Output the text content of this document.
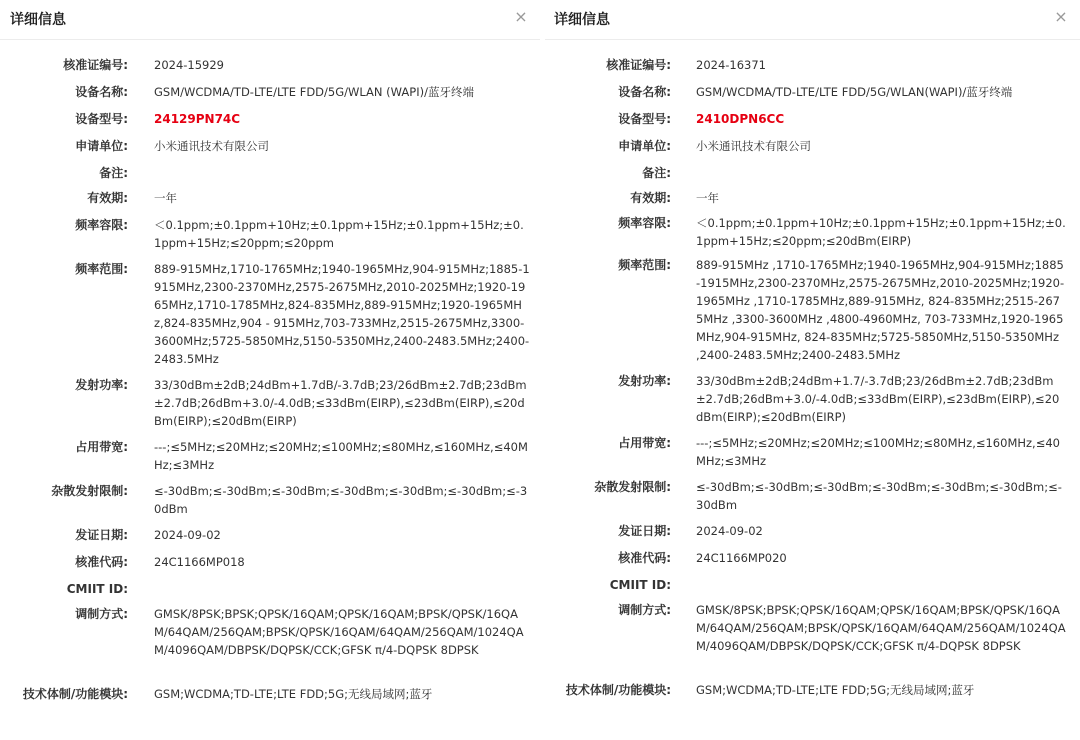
详细信息	×
核准证编号: 2024-15929
设备名称: GSM/WCDMA/TD-LTE/LTE FDD/5G/WLAN (WAPI)/蓝牙终端
设备型号: 24129PN74C
申请单位: 小米通讯技术有限公司
备注:
有效期: 一年
频率容限: ＜0.1ppm;±0.1ppm+10Hz;±0.1ppm+15Hz;±0.1ppm+15Hz;±0.1ppm+15Hz;≤20ppm;≤20ppm
频率范围: 889-915MHz,1710-1765MHz;1940-1965MHz,904-915MHz;1885-1915MHz,2300-2370MHz,2575-2675MHz,2010-2025MHz;1920-1965MHz,1710-1785MHz,824-835MHz,889-915MHz;1920-1965MHz,824-835MHz,904 - 915MHz,703-733MHz,2515-2675MHz,3300-3600MHz;5725-5850MHz,5150-5350MHz,2400-2483.5MHz;2400-2483.5MHz
发射功率: 33/30dBm±2dB;24dBm+1.7dB/-3.7dB;23/26dBm±2.7dB;23dBm±2.7dB;26dBm+3.0/-4.0dB;≤33dBm(EIRP),≤23dBm(EIRP),≤20dBm(EIRP);≤20dBm(EIRP)
占用带宽: ---;≤5MHz;≤20MHz;≤20MHz;≤100MHz;≤80MHz,≤160MHz,≤40MHz;≤3MHz
杂散发射限制: ≤-30dBm;≤-30dBm;≤-30dBm;≤-30dBm;≤-30dBm;≤-30dBm;≤-30dBm
发证日期: 2024-09-02
核准代码: 24C1166MP018
CMIIT ID:
调制方式: GMSK/8PSK;BPSK;QPSK/16QAM;QPSK/16QAM;BPSK/QPSK/16QAM/64QAM/256QAM;BPSK/QPSK/16QAM/64QAM/256QAM/1024QAM/4096QAM/DBPSK/DQPSK/CCK;GFSK π/4-DQPSK 8DPSK
技术体制/功能模块: GSM;WCDMA;TD-LTE;LTE FDD;5G;无线局域网;蓝牙
详细信息	×
核准证编号: 2024-16371
设备名称: GSM/WCDMA/TD-LTE/LTE FDD/5G/WLAN(WAPI)/蓝牙终端
设备型号: 2410DPN6CC
申请单位: 小米通讯技术有限公司
备注:
有效期: 一年
频率容限: ＜0.1ppm;±0.1ppm+10Hz;±0.1ppm+15Hz;±0.1ppm+15Hz;±0.1ppm+15Hz;≤20ppm;≤20dBm(EIRP)
频率范围: 889-915MHz ,1710-1765MHz;1940-1965MHz,904-915MHz;1885-1915MHz,2300-2370MHz,2575-2675MHz,2010-2025MHz;1920-1965MHz ,1710-1785MHz,889-915MHz, 824-835MHz;2515-2675MHz ,3300-3600MHz ,4800-4960MHz, 703-733MHz,1920-1965MHz,904-915MHz, 824-835MHz;5725-5850MHz,5150-5350MHz ,2400-2483.5MHz;2400-2483.5MHz
发射功率: 33/30dBm±2dB;24dBm+1.7/-3.7dB;23/26dBm±2.7dB;23dBm±2.7dB;26dBm+3.0/-4.0dB;≤33dBm(EIRP),≤23dBm(EIRP),≤20dBm(EIRP);≤20dBm(EIRP)
占用带宽: ---;≤5MHz;≤20MHz;≤20MHz;≤100MHz;≤80MHz,≤160MHz,≤40MHz;≤3MHz
杂散发射限制: ≤-30dBm;≤-30dBm;≤-30dBm;≤-30dBm;≤-30dBm;≤-30dBm;≤-30dBm
发证日期: 2024-09-02
核准代码: 24C1166MP020
CMIIT ID:
调制方式: GMSK/8PSK;BPSK;QPSK/16QAM;QPSK/16QAM;BPSK/QPSK/16QAM/64QAM/256QAM;BPSK/QPSK/16QAM/64QAM/256QAM/1024QAM/4096QAM/DBPSK/DQPSK/CCK;GFSK π/4-DQPSK 8DPSK
技术体制/功能模块: GSM;WCDMA;TD-LTE;LTE FDD;5G;无线局域网;蓝牙
